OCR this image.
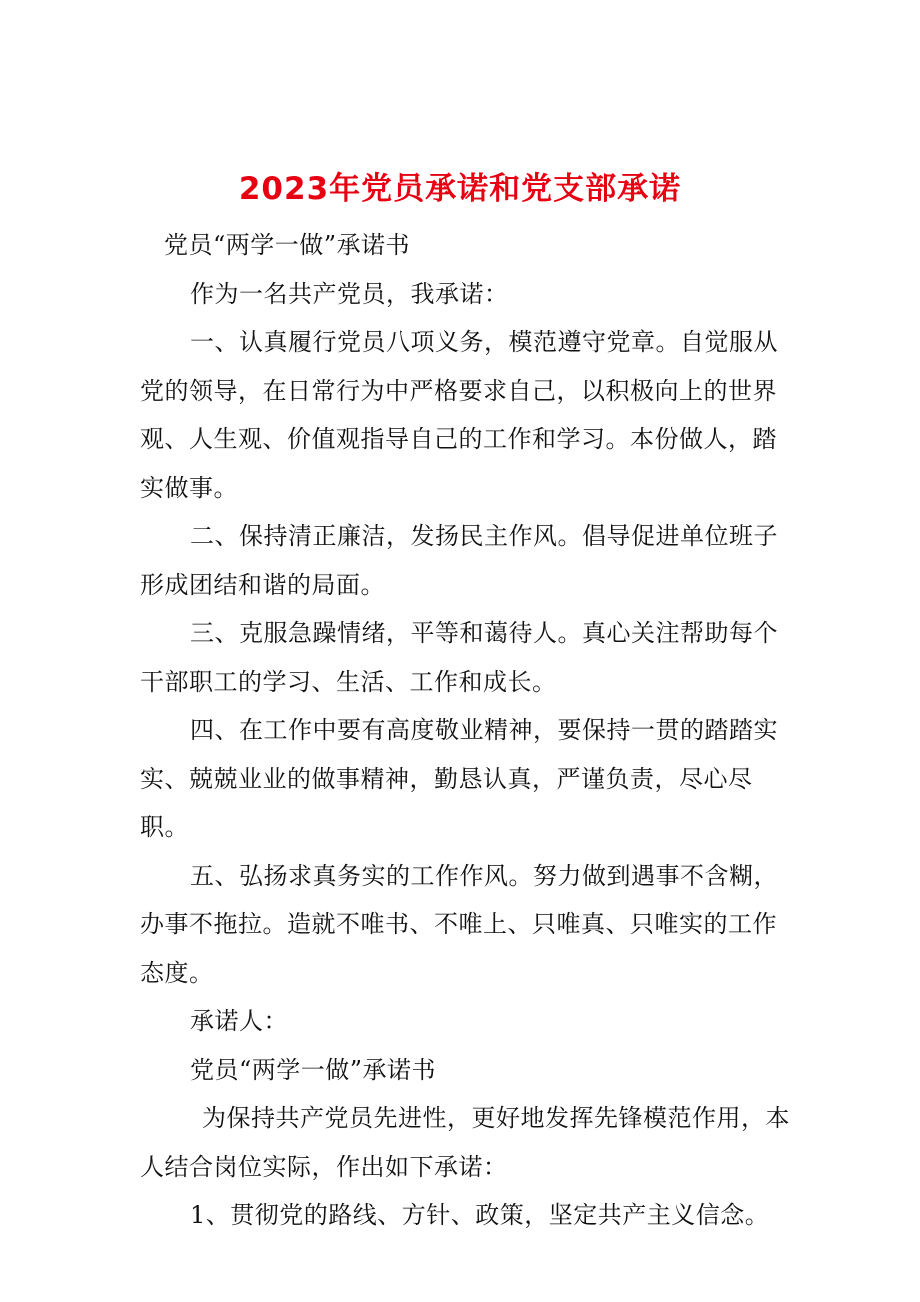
2023年党员承诺和党支部承诺

党员“两学一做”承诺书

作为一名共产党员，我承诺：

一、认真履行党员八项义务，模范遵守党章。自觉服从党的领导，在日常行为中严格要求自己，以积极向上的世界观、人生观、价值观指导自己的工作和学习。本份做人，踏实做事。

二、保持清正廉洁，发扬民主作风。倡导促进单位班子形成团结和谐的局面。

三、克服急躁情绪，平等和蔼待人。真心关注帮助每个干部职工的学习、生活、工作和成长。

四、在工作中要有高度敬业精神，要保持一贯的踏踏实实、兢兢业业的做事精神，勤恳认真，严谨负责，尽心尽职。

五、弘扬求真务实的工作作风。努力做到遇事不含糊，办事不拖拉。造就不唯书、不唯上、只唯真、只唯实的工作态度。

承诺人：

党员“两学一做”承诺书

为保持共产党员先进性，更好地发挥先锋模范作用，本人结合岗位实际，作出如下承诺：

1、贯彻党的路线、方针、政策，坚定共产主义信念。
